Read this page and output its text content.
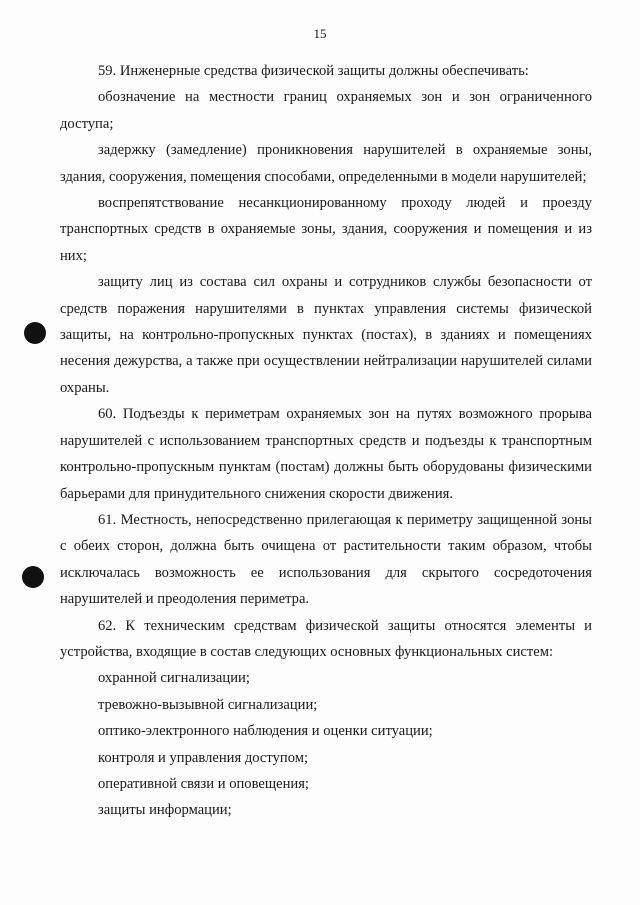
15

59. Инженерные средства физической защиты должны обеспечивать:

обозначение на местности границ охраняемых зон и зон ограниченного доступа;

задержку (замедление) проникновения нарушителей в охраняемые зоны, здания, сооружения, помещения способами, определенными в модели нарушителей;

воспрепятствование несанкционированному проходу людей и проезду транспортных средств в охраняемые зоны, здания, сооружения и помещения и из них;

защиту лиц из состава сил охраны и сотрудников службы безопасности от средств поражения нарушителями в пунктах управления системы физической защиты, на контрольно-пропускных пунктах (постах), в зданиях и помещениях несения дежурства, а также при осуществлении нейтрализации нарушителей силами охраны.

60. Подъезды к периметрам охраняемых зон на путях возможного прорыва нарушителей с использованием транспортных средств и подъезды к транспортным контрольно-пропускным пунктам (постам) должны быть оборудованы физическими барьерами для принудительного снижения скорости движения.

61. Местность, непосредственно прилегающая к периметру защищенной зоны с обеих сторон, должна быть очищена от растительности таким образом, чтобы исключалась возможность ее использования для скрытого сосредоточения нарушителей и преодоления периметра.

62. К техническим средствам физической защиты относятся элементы и устройства, входящие в состав следующих основных функциональных систем:

охранной сигнализации;

тревожно-вызывной сигнализации;

оптико-электронного наблюдения и оценки ситуации;

контроля и управления доступом;

оперативной связи и оповещения;

защиты информации;
